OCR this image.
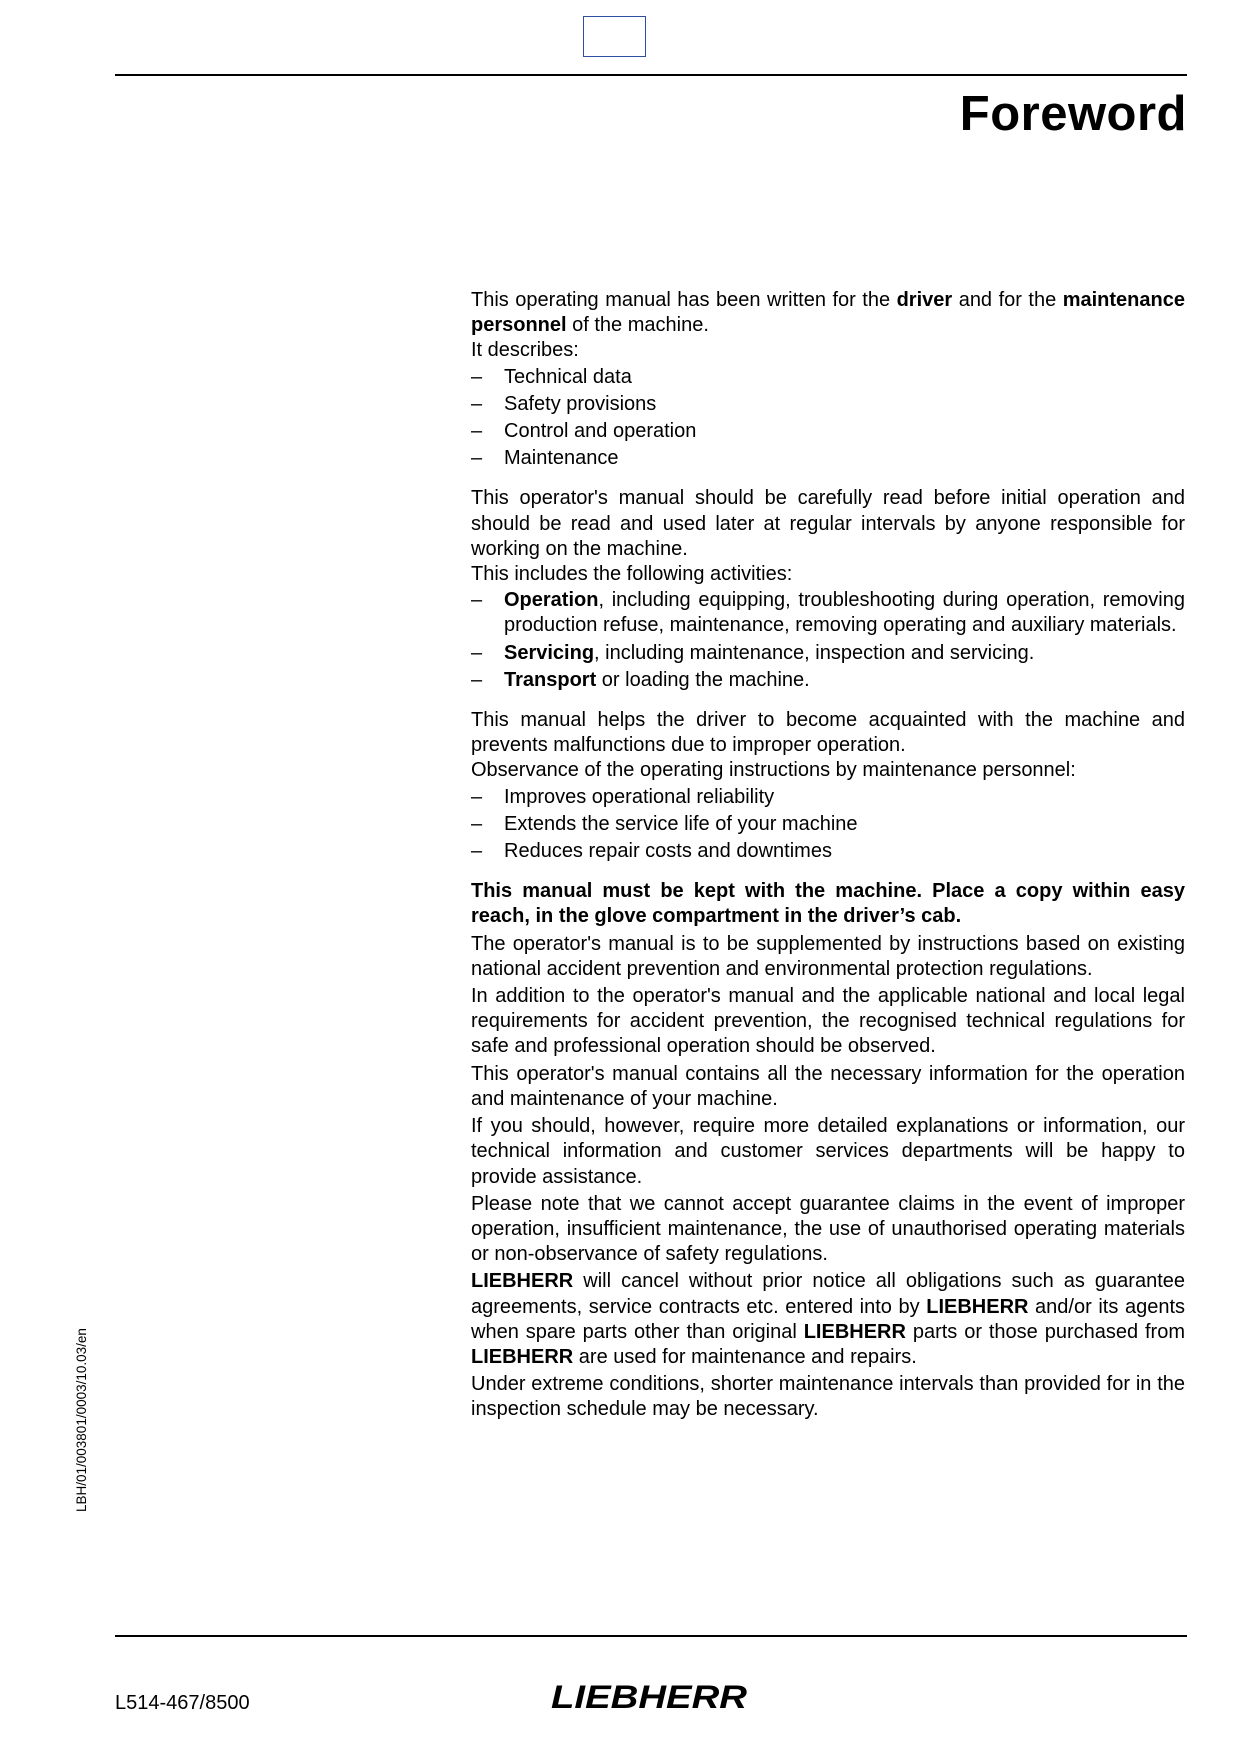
Foreword

This operating manual has been written for the driver and for the maintenance personnel of the machine.

It describes:

– Technical data
– Safety provisions
– Control and operation
– Maintenance

This operator's manual should be carefully read before initial operation and should be read and used later at regular intervals by anyone responsible for working on the machine.

This includes the following activities:

– Operation, including equipping, troubleshooting during operation, removing production refuse, maintenance, removing operating and auxiliary materials.
– Servicing, including maintenance, inspection and servicing.
– Transport or loading the machine.

This manual helps the driver to become acquainted with the machine and prevents malfunctions due to improper operation.

Observance of the operating instructions by maintenance personnel:

– Improves operational reliability
– Extends the service life of your machine
– Reduces repair costs and downtimes

This manual must be kept with the machine. Place a copy within easy reach, in the glove compartment in the driver’s cab.

The operator's manual is to be supplemented by instructions based on existing national accident prevention and environmental protection regulations.

In addition to the operator's manual and the applicable national and local legal requirements for accident prevention, the recognised technical regulations for safe and professional operation should be observed.

This operator's manual contains all the necessary information for the operation and maintenance of your machine.

If you should, however, require more detailed explanations or information, our technical information and customer services departments will be happy to provide assistance.

Please note that we cannot accept guarantee claims in the event of improper operation, insufficient maintenance, the use of unauthorised operating materials or non-observance of safety regulations.

LIEBHERR will cancel without prior notice all obligations such as guarantee agreements, service contracts etc. entered into by LIEBHERR and/or its agents when spare parts other than original LIEBHERR parts or those purchased from LIEBHERR are used for maintenance and repairs.

Under extreme conditions, shorter maintenance intervals than provided for in the inspection schedule may be necessary.

LBH/01/003801/0003/10.03/en
L514-467/8500	LIEBHERR
